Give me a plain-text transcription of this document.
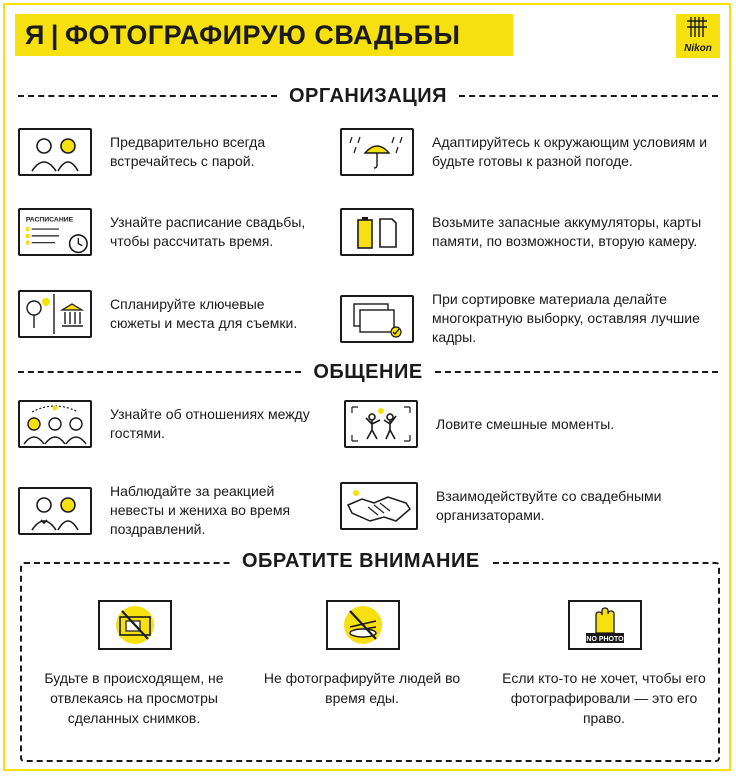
Я | ФОТОГРАФИРУЮ СВАДЬБЫ	Nikon
ОРГАНИЗАЦИЯ
Предварительно всегда встречайтесь с парой.
Адаптируйтесь к окружающим условиям и будьте готовы к разной погоде.
РАСПИСАНИЕ	Узнайте расписание свадьбы, чтобы рассчитать время.
Возьмите запасные аккумуляторы, карты памяти, по возможности, вторую камеру.
Спланируйте ключевые сюжеты и места для съемки.
При сортировке материала делайте многократную выборку, оставляя лучшие кадры.
ОБЩЕНИЕ
Узнайте об отношениях между гостями.
Ловите смешные моменты.
Наблюдайте за реакцией невесты и жениха во время поздравлений.
Взаимодействуйте со свадебными организаторами.
ОБРАТИТЕ ВНИМАНИЕ
Будьте в происходящем, не отвлекаясь на просмотры сделанных снимков.
Не фотографируйте людей во время еды.
NO PHOTO
Если кто-то не хочет, чтобы его фотографировали — это его право.
